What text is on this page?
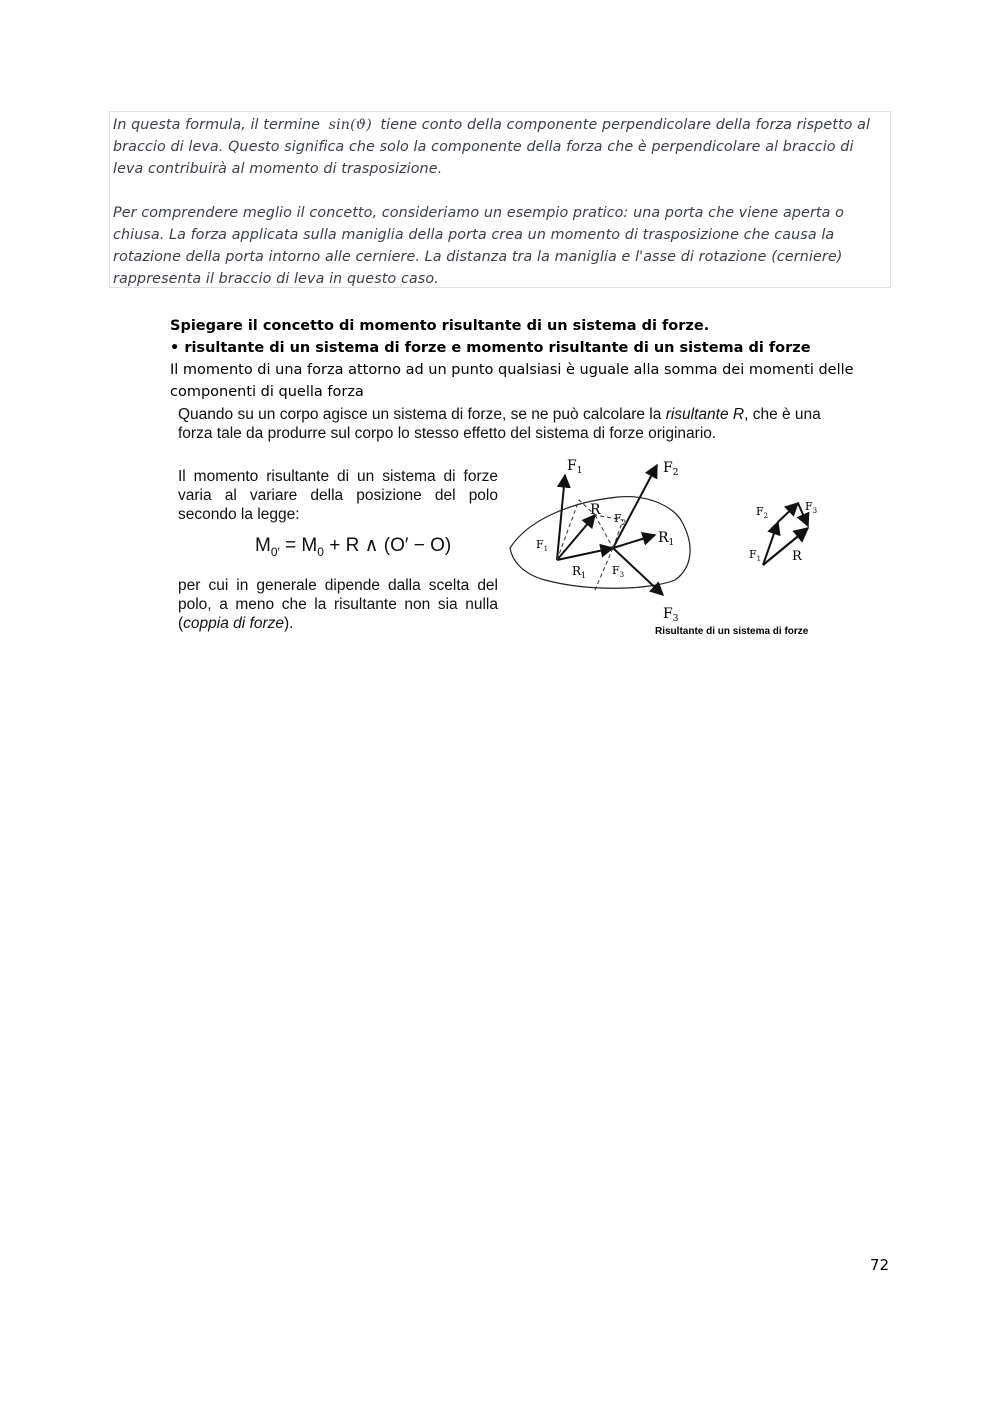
In questa formula, il termine sin(ϑ) tiene conto della componente perpendicolare della forza rispetto al braccio di leva. Questo significa che solo la componente della forza che è perpendicolare al braccio di leva contribuirà al momento di trasposizione.

Per comprendere meglio il concetto, consideriamo un esempio pratico: una porta che viene aperta o chiusa. La forza applicata sulla maniglia della porta crea un momento di trasposizione che causa la rotazione della porta intorno alle cerniere. La distanza tra la maniglia e l'asse di rotazione (cerniere) rappresenta il braccio di leva in questo caso.

Spiegare il concetto di momento risultante di un sistema di forze.

• risultante di un sistema di forze e momento risultante di un sistema di forze

Il momento di una forza attorno ad un punto qualsiasi è uguale alla somma dei momenti delle componenti di quella forza

Quando su un corpo agisce un sistema di forze, se ne può calcolare la risultante R, che è una forza tale da produrre sul corpo lo stesso effetto del sistema di forze originario.

Il momento risultante di un sistema di forze varia al variare della posizione del polo secondo la legge:

$M_{0'} = M_0 + R$ ∧ (O′ − O)

per cui in generale dipende dalla scelta del polo, a meno che la risultante non sia nulla (coppia di forze).

$F_1$
R
$F_2$
$R_1$
$F_3$
$R_1$
$F_1$
$F_2$
$F_3$
$F_2$
$F_3$
$F_1$ R
Risultante di un sistema di forze

72
